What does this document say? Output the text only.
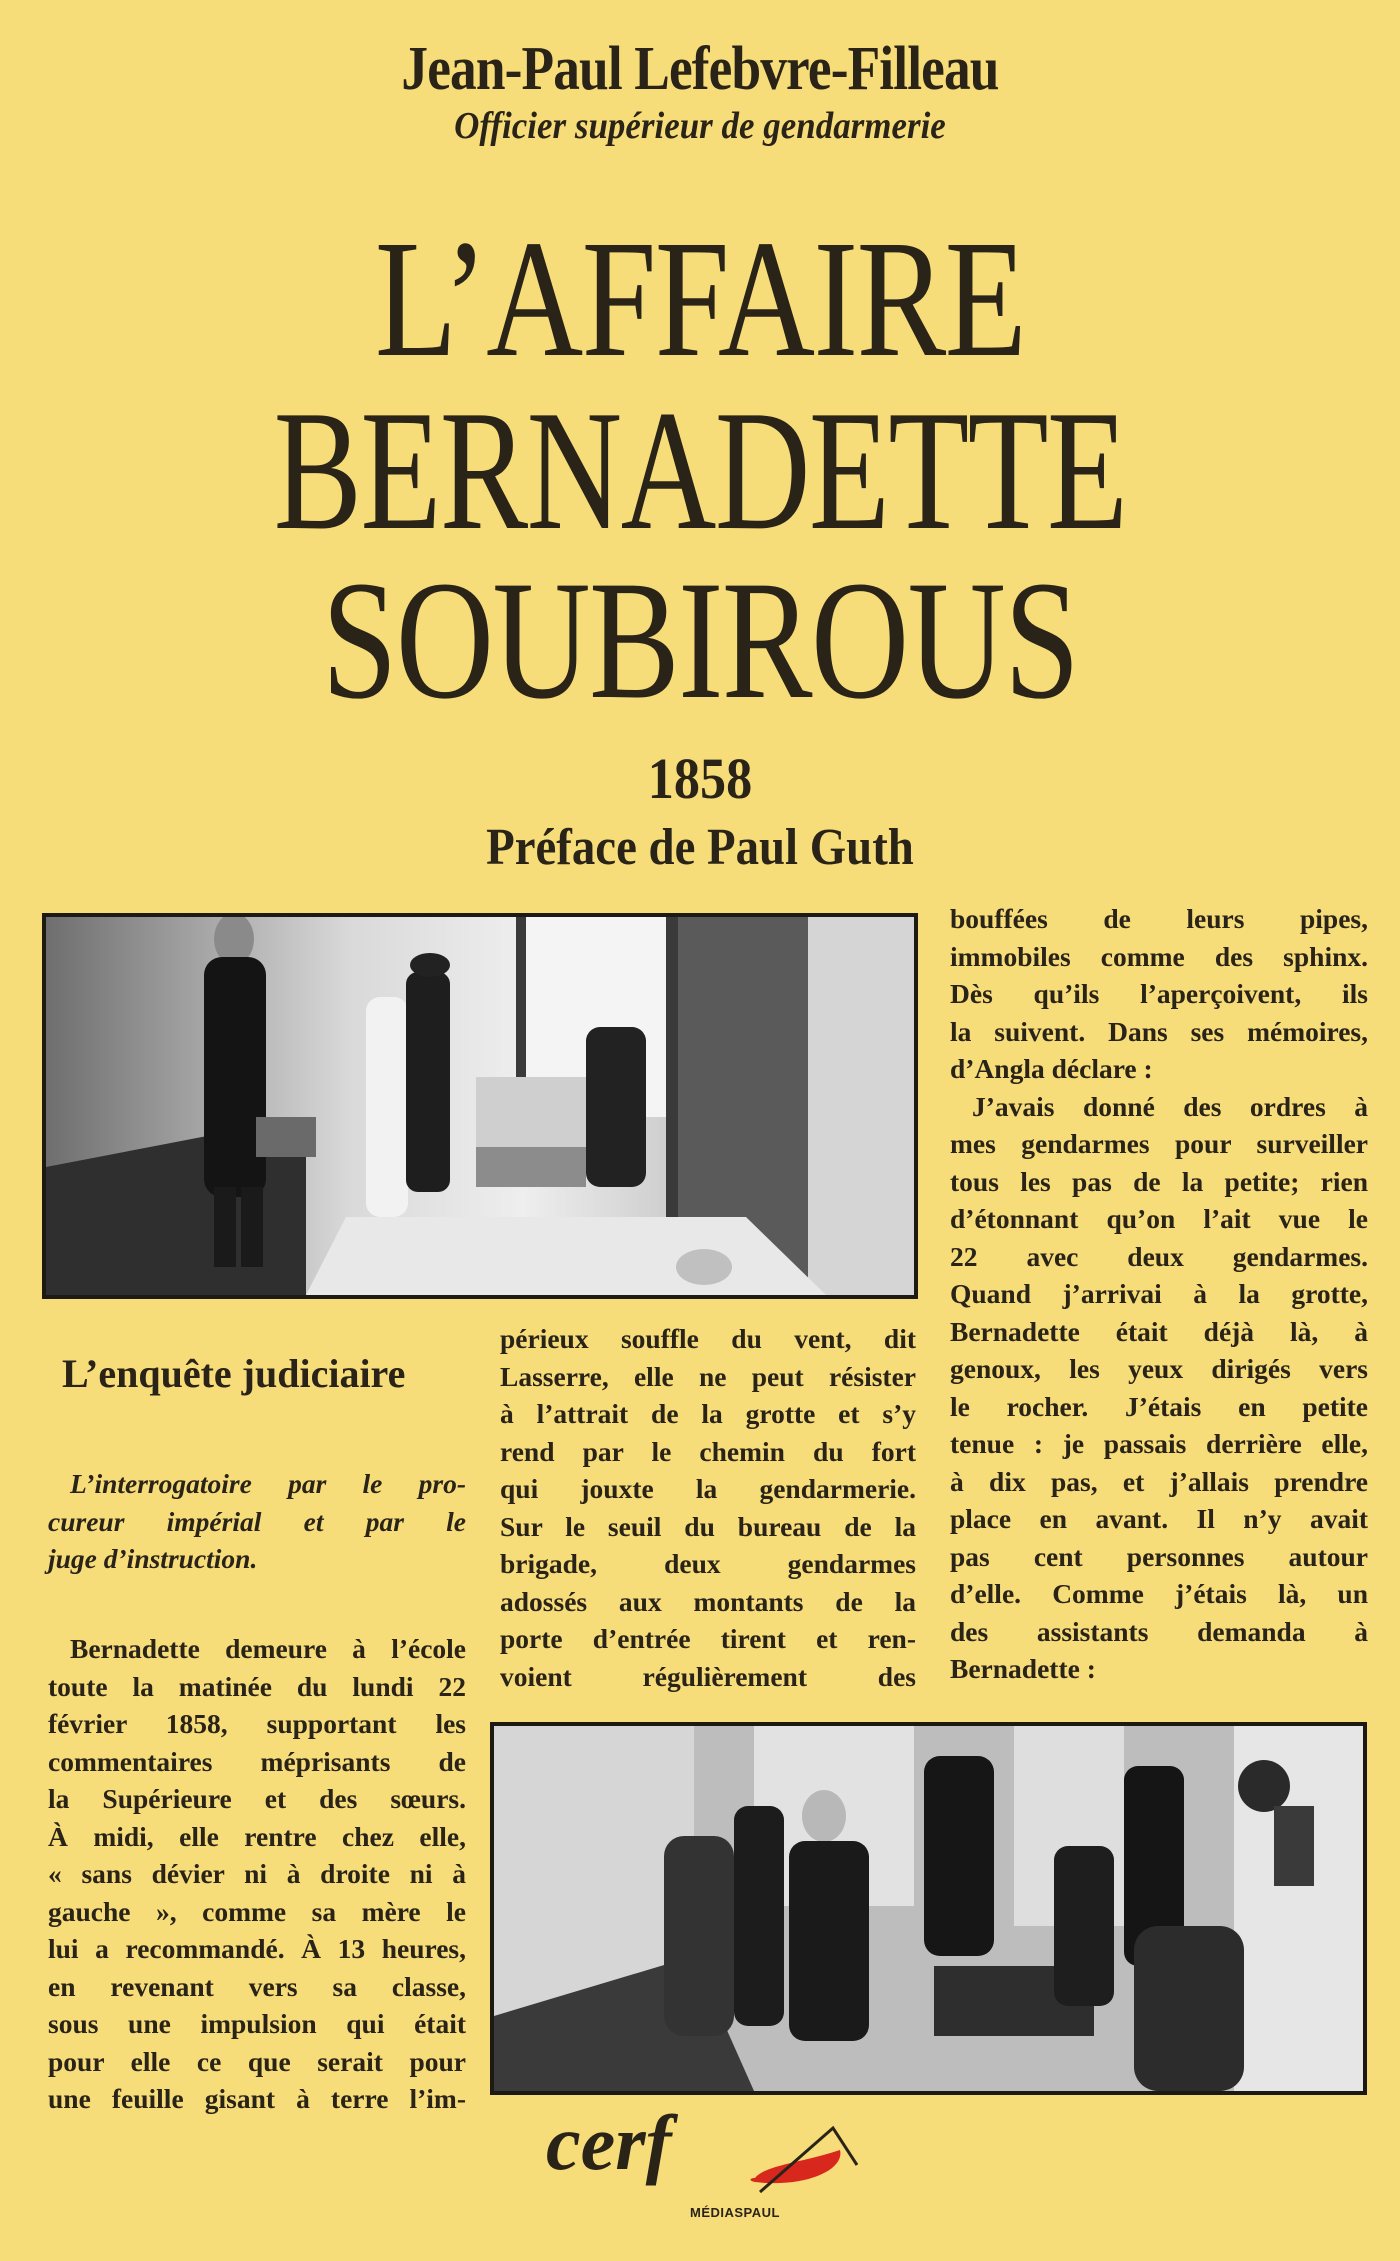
Jean-Paul Lefebvre-Filleau
Officier supérieur de gendarmerie
L’AFFAIRE
BERNADETTE
SOUBIROUS
1858
Préface de Paul Guth

bouffées de leurs pipes,

immobiles comme des sphinx.

Dès qu’ils l’aperçoivent, ils

la suivent. Dans ses mémoires,

d’Angla déclare :

J’avais donné des ordres à

mes gendarmes pour surveiller

tous les pas de la petite; rien

d’étonnant qu’on l’ait vue le

22 avec deux gendarmes.

Quand j’arrivai à la grotte,

Bernadette était déjà là, à

genoux, les yeux dirigés vers

le rocher. J’étais en petite

tenue : je passais derrière elle,

à dix pas, et j’allais prendre

place en avant. Il n’y avait

pas cent personnes autour

d’elle. Comme j’étais là, un

des assistants demanda à

Bernadette :

L’enquête judiciaire
L’interrogatoire par le pro-
cureur impérial et par le
juge d’instruction.

Bernadette demeure à l’école

toute la matinée du lundi 22

février 1858, supportant les

commentaires méprisants de

la Supérieure et des sœurs.

À midi, elle rentre chez elle,

« sans dévier ni à droite ni à

gauche », comme sa mère le

lui a recommandé. À 13 heures,

en revenant vers sa classe,

sous une impulsion qui était

pour elle ce que serait pour

une feuille gisant à terre l’im-

périeux souffle du vent, dit

Lasserre, elle ne peut résister

à l’attrait de la grotte et s’y

rend par le chemin du fort

qui jouxte la gendarmerie.

Sur le seuil du bureau de la

brigade, deux gendarmes

adossés aux montants de la

porte d’entrée tirent et ren-

voient régulièrement des

cerf
MÉDIASPAUL
